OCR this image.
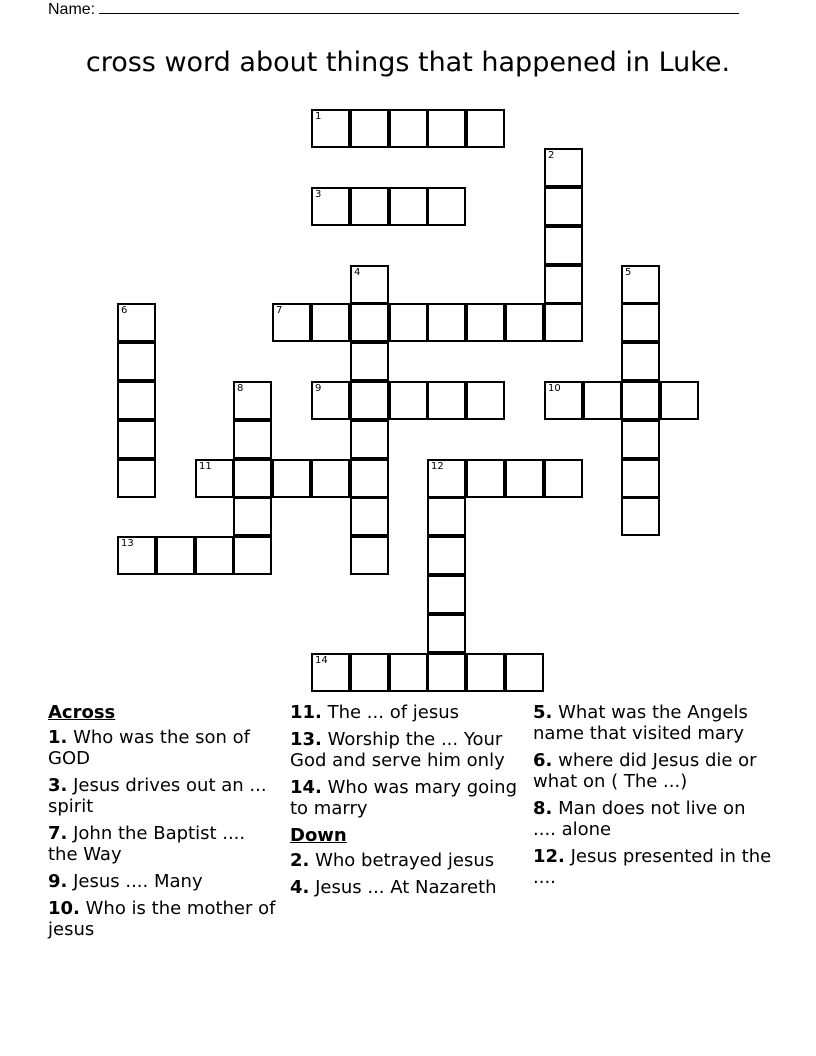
Name:
cross word about things that happened in Luke.
1
2
3
4	5
6	7
8	9	10
11	12
13
14
Across
1. Who was the son of GOD
3. Jesus drives out an ... spirit
7. John the Baptist .... the Way
9. Jesus .... Many
10. Who is the mother of jesus
11. The ... of jesus
13. Worship the ... Your God and serve him only
14. Who was mary going to marry
Down
2. Who betrayed jesus
4. Jesus ... At Nazareth
5. What was the Angels name that visited mary
6. where did Jesus die or what on ( The ...)
8. Man does not live on .... alone
12. Jesus presented in the ....
